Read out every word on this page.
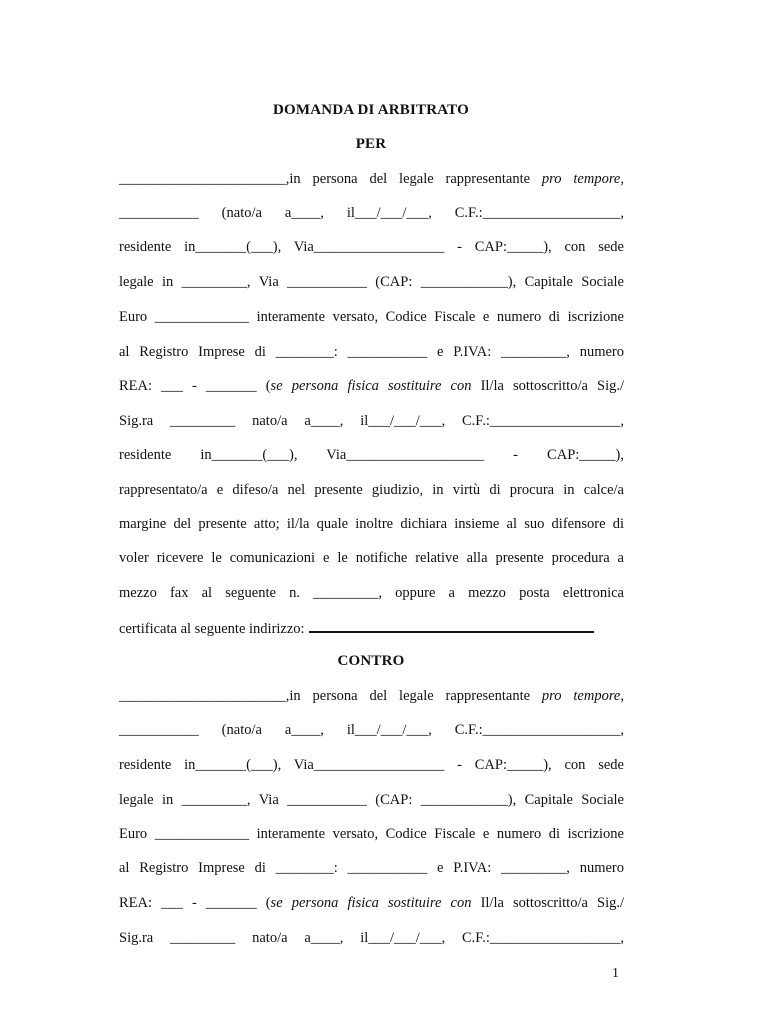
DOMANDA DI ARBITRATO
PER
_______________________,in persona del legale rappresentante pro tempore,
___________ (nato/a a____, il___/___/___, C.F.:___________________,
residente in_______(___), Via__________________ - CAP:_____), con sede
legale in _________, Via ___________ (CAP: ____________), Capitale Sociale
Euro _____________ interamente versato, Codice Fiscale e numero di iscrizione
al Registro Imprese di ________: ___________ e P.IVA: _________, numero
REA: ___ - _______ (se persona fisica sostituire con Il/la sottoscritto/a Sig./
Sig.ra _________ nato/a a____, il___/___/___, C.F.:__________________,
residente in_______(___), Via___________________ - CAP:_____),
rappresentato/a e difeso/a nel presente giudizio, in virtù di procura in calce/a
margine del presente atto; il/la quale inoltre dichiara insieme al suo difensore di
voler ricevere le comunicazioni e le notifiche relative alla presente procedura a
mezzo fax al seguente n. _________, oppure a mezzo posta elettronica
certificata al seguente indirizzo:
CONTRO
_______________________,in persona del legale rappresentante pro tempore,
___________ (nato/a a____, il___/___/___, C.F.:___________________,
residente in_______(___), Via__________________ - CAP:_____), con sede
legale in _________, Via ___________ (CAP: ____________), Capitale Sociale
Euro _____________ interamente versato, Codice Fiscale e numero di iscrizione
al Registro Imprese di ________: ___________ e P.IVA: _________, numero
REA: ___ - _______ (se persona fisica sostituire con Il/la sottoscritto/a Sig./
Sig.ra _________ nato/a a____, il___/___/___, C.F.:__________________,
1
